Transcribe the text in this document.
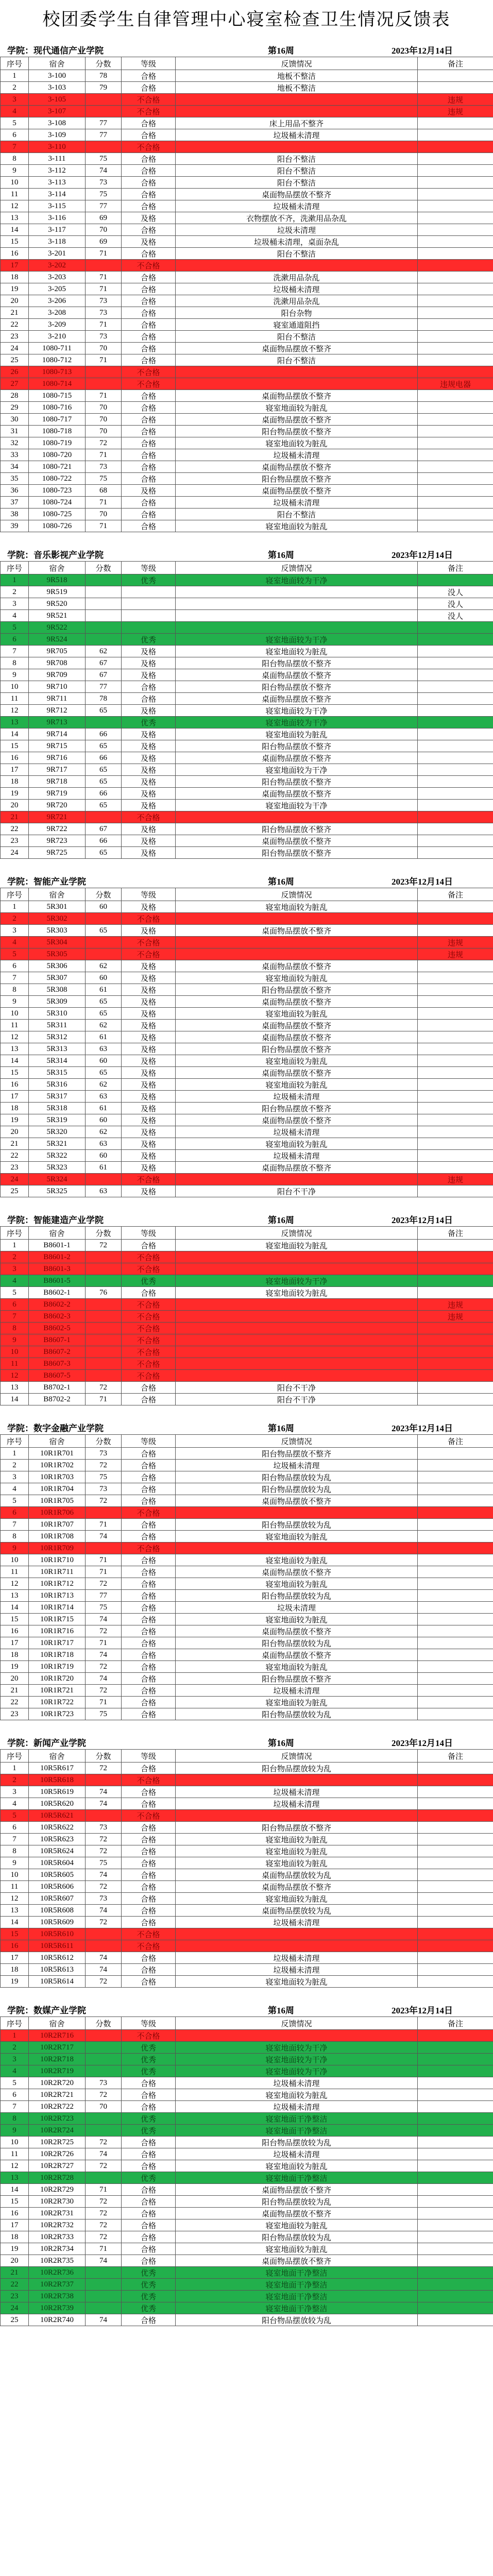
校团委学生自律管理中心寝室检查卫生情况反馈表
学院：现代通信产业学院	第16周	2023年12月14日
序号	宿舍	分数	等级	反馈情况	备注
1	3-100	78	合格	地板不整洁	
2	3-103	79	合格	地板不整洁	
3	3-105		不合格		违规
4	3-107		不合格		违规
5	3-108	77	合格	床上用品不整齐	
6	3-109	77	合格	垃圾桶未清理	
7	3-110		不合格		
8	3-111	75	合格	阳台不整洁	
9	3-112	74	合格	阳台不整洁	
10	3-113	73	合格	阳台不整洁	
11	3-114	75	合格	桌面物品摆放不整齐	
12	3-115	77	合格	垃圾桶未清理	
13	3-116	69	及格	衣物摆放不齐，洗漱用品杂乱	
14	3-117	70	合格	垃圾未清理	
15	3-118	69	及格	垃圾桶未清理，桌面杂乱	
16	3-201	71	合格	阳台不整洁	
17	3-202		不合格		
18	3-203	71	合格	洗漱用品杂乱	
19	3-205	71	合格	垃圾桶未清理	
20	3-206	73	合格	洗漱用品杂乱	
21	3-208	73	合格	阳台杂物	
22	3-209	71	合格	寝室通道阻挡	
23	3-210	73	合格	阳台不整洁	
24	1080-711	70	合格	桌面物品摆放不整齐	
25	1080-712	71	合格	阳台不整洁	
26	1080-713		不合格		
27	1080-714		不合格		违规电器
28	1080-715	71	合格	桌面物品摆放不整齐	
29	1080-716	70	合格	寝室地面较为脏乱	
30	1080-717	70	合格	桌面物品摆放不整齐	
31	1080-718	70	合格	阳台物品摆放不整齐	
32	1080-719	72	合格	寝室地面较为脏乱	
33	1080-720	71	合格	垃圾桶未清理	
34	1080-721	73	合格	桌面物品摆放不整齐	
35	1080-722	75	合格	阳台物品摆放不整齐	
36	1080-723	68	及格	桌面物品摆放不整齐	
37	1080-724	71	合格	垃圾桶未清理	
38	1080-725	70	合格	阳台不整洁	
39	1080-726	71	合格	寝室地面较为脏乱	
学院：音乐影视产业学院	第16周	2023年12月14日
序号	宿舍	分数	等级	反馈情况	备注
1	9R518		优秀	寝室地面较为干净	
2	9R519				没人
3	9R520				没人
4	9R521				没人
5	9R522				
6	9R524		优秀	寝室地面较为干净	
7	9R705	62	及格	寝室地面较为脏乱	
8	9R708	67	及格	阳台物品摆放不整齐	
9	9R709	67	及格	桌面物品摆放不整齐	
10	9R710	77	合格	阳台物品摆放不整齐	
11	9R711	78	合格	桌面物品摆放不整齐	
12	9R712	65	及格	寝室地面较为干净	
13	9R713		优秀	寝室地面较为干净	
14	9R714	66	及格	寝室地面较为脏乱	
15	9R715	65	及格	阳台物品摆放不整齐	
16	9R716	66	及格	桌面物品摆放不整齐	
17	9R717	65	及格	寝室地面较为干净	
18	9R718	65	及格	阳台物品摆放不整齐	
19	9R719	66	及格	桌面物品摆放不整齐	
20	9R720	65	及格	寝室地面较为干净	
21	9R721		不合格		
22	9R722	67	及格	阳台物品摆放不整齐	
23	9R723	66	及格	桌面物品摆放不整齐	
24	9R725	65	及格	阳台物品摆放不整齐	
学院：智能产业学院	第16周	2023年12月14日
序号	宿舍	分数	等级	反馈情况	备注
1	5R301	60	及格	寝室地面较为脏乱	
2	5R302		不合格		
3	5R303	65	及格	桌面物品摆放不整齐	
4	5R304		不合格		违规
5	5R305		不合格		违规
6	5R306	62	及格	桌面物品摆放不整齐	
7	5R307	60	及格	寝室地面较为脏乱	
8	5R308	61	及格	阳台物品摆放不整齐	
9	5R309	65	及格	桌面物品摆放不整齐	
10	5R310	65	及格	寝室地面较为脏乱	
11	5R311	62	及格	桌面物品摆放不整齐	
12	5R312	61	及格	桌面物品摆放不整齐	
13	5R313	63	及格	阳台物品摆放不整齐	
14	5R314	60	及格	寝室地面较为脏乱	
15	5R315	65	及格	桌面物品摆放不整齐	
16	5R316	62	及格	寝室地面较为脏乱	
17	5R317	63	及格	垃圾桶未清理	
18	5R318	61	及格	阳台物品摆放不整齐	
19	5R319	60	及格	桌面物品摆放不整齐	
20	5R320	62	及格	垃圾桶未清理	
21	5R321	63	及格	寝室地面较为脏乱	
22	5R322	60	及格	垃圾桶未清理	
23	5R323	61	及格	桌面物品摆放不整齐	
24	5R324		不合格		违规
25	5R325	63	及格	阳台不干净	
学院：智能建造产业学院	第16周	2023年12月14日
序号	宿舍	分数	等级	反馈情况	备注
1	B8601-1	72	合格	寝室地面较为脏乱	
2	B8601-2		不合格		
3	B8601-3		不合格		
4	B8601-5		优秀	寝室地面较为干净	
5	B8602-1	76	合格	寝室地面较为脏乱	
6	B8602-2		不合格		违规
7	B8602-3		不合格		违规
8	B8602-5		不合格		
9	B8607-1		不合格		
10	B8607-2		不合格		
11	B8607-3		不合格		
12	B8607-5		不合格		
13	B8702-1	72	合格	阳台不干净	
14	B8702-2	71	合格	阳台不干净	
学院：数字金融产业学院	第16周	2023年12月14日
序号	宿舍	分数	等级	反馈情况	备注
1	10R1R701	73	合格	阳台物品摆放不整齐	
2	10R1R702	72	合格	垃圾桶未清理	
3	10R1R703	75	合格	阳台物品摆放较为乱	
4	10R1R704	73	合格	阳台物品摆放较为乱	
5	10R1R705	72	合格	桌面物品摆放不整齐	
6	10R1R706		不合格		
7	10R1R707	71	合格	阳台物品摆放较为乱	
8	10R1R708	74	合格	寝室地面较为脏乱	
9	10R1R709		不合格		
10	10R1R710	71	合格	寝室地面较为脏乱	
11	10R1R711	71	合格	桌面物品摆放不整齐	
12	10R1R712	72	合格	寝室地面较为脏乱	
13	10R1R713	77	合格	阳台物品摆放较为乱	
14	10R1R714	75	合格	垃圾未清理	
15	10R1R715	74	合格	寝室地面较为脏乱	
16	10R1R716	72	合格	桌面物品摆放不整齐	
17	10R1R717	71	合格	阳台物品摆放较为乱	
18	10R1R718	74	合格	桌面物品摆放不整齐	
19	10R1R719	72	合格	寝室地面较为脏乱	
20	10R1R720	74	合格	阳台物品摆放不整齐	
21	10R1R721	72	合格	垃圾桶未清理	
22	10R1R722	71	合格	寝室地面较为脏乱	
23	10R1R723	75	合格	阳台物品摆放较为乱	
学院：新闻产业学院	第16周	2023年12月14日
序号	宿舍	分数	等级	反馈情况	备注
1	10R5R617	72	合格	阳台物品摆放较为乱	
2	10R5R618		不合格		
3	10R5R619	74	合格	垃圾桶未清理	
4	10R5R620	74	合格	垃圾桶未清理	
5	10R5R621		不合格		
6	10R5R622	73	合格	阳台物品摆放不整齐	
7	10R5R623	72	合格	寝室地面较为脏乱	
8	10R5R624	72	合格	寝室地面较为脏乱	
9	10R5R604	75	合格	寝室地面较为脏乱	
10	10R5R605	74	合格	桌面物品摆放较为乱	
11	10R5R606	72	合格	桌面物品摆放不整齐	
12	10R5R607	73	合格	寝室地面较为脏乱	
13	10R5R608	74	合格	桌面物品摆放较为乱	
14	10R5R609	72	合格	垃圾桶未清理	
15	10R5R610		不合格		
16	10R5R611		不合格		
17	10R5R612	74	合格	垃圾桶未清理	
18	10R5R613	74	合格	垃圾桶未清理	
19	10R5R614	72	合格	寝室地面较为脏乱	
学院：数媒产业学院	第16周	2023年12月14日
序号	宿舍	分数	等级	反馈情况	备注
1	10R2R716		不合格		
2	10R2R717		优秀	寝室地面较为干净	
3	10R2R718		优秀	寝室地面较为干净	
4	10R2R719		优秀	寝室地面较为干净	
5	10R2R720	73	合格	垃圾桶未清理	
6	10R2R721	72	合格	寝室地面较为脏乱	
7	10R2R722	70	合格	垃圾桶未清理	
8	10R2R723		优秀	寝室地面干净整洁	
9	10R2R724		优秀	寝室地面干净整洁	
10	10R2R725	72	合格	阳台物品摆放较为乱	
11	10R2R726	74	合格	垃圾桶未清理	
12	10R2R727	72	合格	寝室地面较为脏乱	
13	10R2R728		优秀	寝室地面干净整洁	
14	10R2R729	71	合格	桌面物品摆放不整齐	
15	10R2R730	72	合格	阳台物品摆放较为乱	
16	10R2R731	72	合格	桌面物品摆放不整齐	
17	10R2R732	72	合格	寝室地面较为脏乱	
18	10R2R733	72	合格	阳台物品摆放较为乱	
19	10R2R734	71	合格	寝室地面较为脏乱	
20	10R2R735	74	合格	桌面物品摆放不整齐	
21	10R2R736		优秀	寝室地面干净整洁	
22	10R2R737		优秀	寝室地面干净整洁	
23	10R2R738		优秀	寝室地面干净整洁	
24	10R2R739		优秀	寝室地面干净整洁	
25	10R2R740	74	合格	阳台物品摆放较为乱	
